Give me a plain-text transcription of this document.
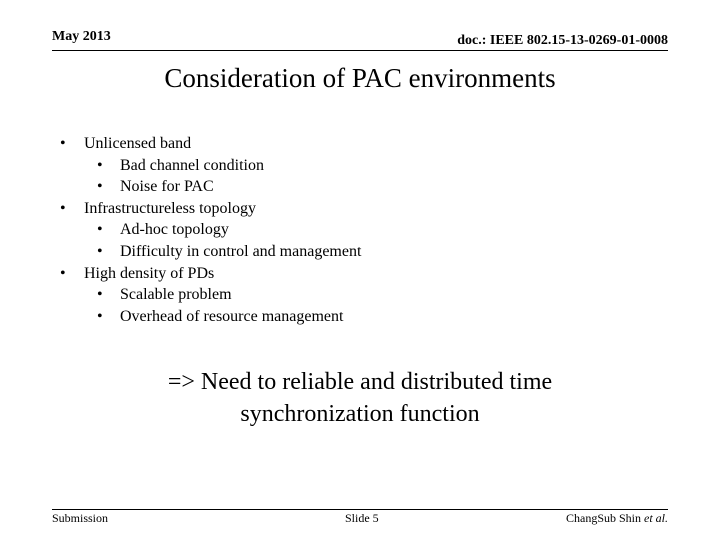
May 2013	doc.: IEEE 802.15-13-0269-01-0008
Consideration of PAC environments
• Unlicensed band
• Bad channel condition
• Noise for PAC
• Infrastructureless topology
• Ad-hoc topology
• Difficulty in control and management
• High density of PDs
• Scalable problem
• Overhead of resource management
=> Need to reliable and distributed time
synchronization function
Submission	Slide 5	ChangSub Shin et al.
